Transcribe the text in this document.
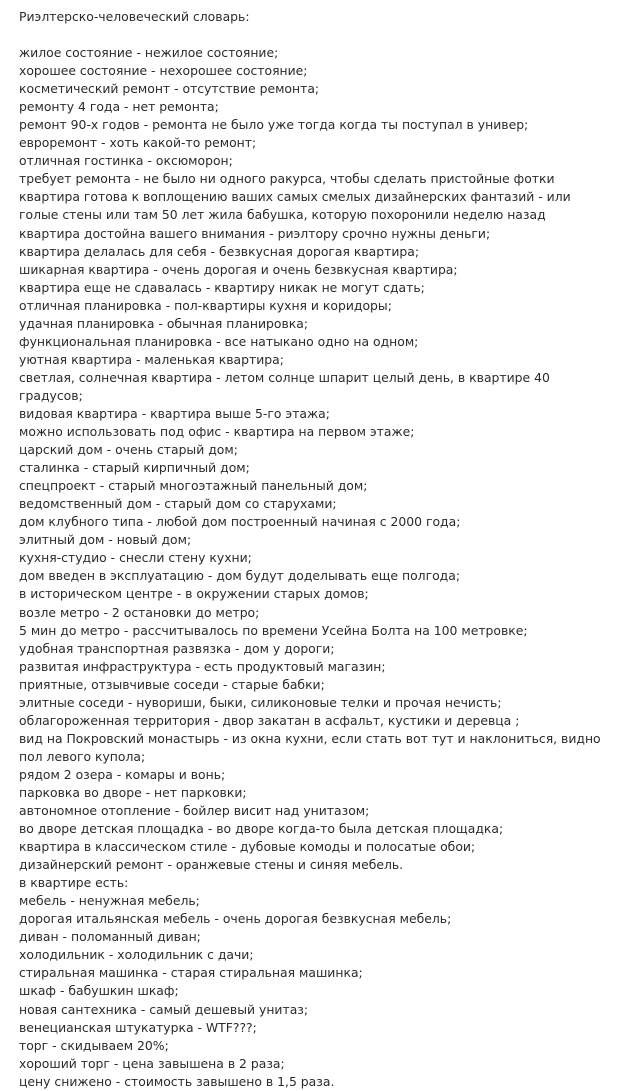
Риэлтерско-человеческий словарь:
жилое состояние - нежилое состояние;
хорошее состояние - нехорошее состояние;
косметический ремонт - отсутствие ремонта;
ремонту 4 года - нет ремонта;
ремонт 90-х годов - ремонта не было уже тогда когда ты поступал в универ;
евроремонт - хоть какой-то ремонт;
отличная гостинка - оксюморон;
требует ремонта - не было ни одного ракурса, чтобы сделать пристойные фотки
квартира готова к воплощению ваших самых смелых дизайнерских фантазий - или голые стены или там 50 лет жила бабушка, которую похоронили неделю назад
квартира достойна вашего внимания - риэлтору срочно нужны деньги;
квартира делалась для себя - безвкусная дорогая квартира;
шикарная квартира - очень дорогая и очень безвкусная квартира;
квартира еще не сдавалась - квартиру никак не могут сдать;
отличная планировка - пол-квартиры кухня и коридоры;
удачная планировка - обычная планировка;
функциональная планировка - все натыкано одно на одном;
уютная квартира - маленькая квартира;
светлая, солнечная квартира - летом солнце шпарит целый день, в квартире 40 градусов;
видовая квартира - квартира выше 5-го этажа;
можно использовать под офис - квартира на первом этаже;
царский дом - очень старый дом;
сталинка - старый кирпичный дом;
спецпроект - старый многоэтажный панельный дом;
ведомственный дом - старый дом со старухами;
дом клубного типа - любой дом построенный начиная с 2000 года;
элитный дом - новый дом;
кухня-студио - снесли стену кухни;
дом введен в эксплуатацию - дом будут доделывать еще полгода;
в историческом центре - в окружении старых домов;
возле метро - 2 остановки до метро;
5 мин до метро - рассчитывалось по времени Усейна Болта на 100 метровке;
удобная транспортная развязка - дом у дороги;
развитая инфраструктура - есть продуктовый магазин;
приятные, отзывчивые соседи - старые бабки;
элитные соседи - нувориши, быки, силиконовые телки и прочая нечисть;
облагороженная территория - двор закатан в асфальт, кустики и деревца ;
вид на Покровский монастырь - из окна кухни, если стать вот тут и наклониться, видно пол левого купола;
рядом 2 озера - комары и вонь;
парковка во дворе - нет парковки;
автономное отопление - бойлер висит над унитазом;
во дворе детская площадка - во дворе когда-то была детская площадка;
квартира в классическом стиле - дубовые комоды и полосатые обои;
дизайнерский ремонт - оранжевые стены и синяя мебель.
в квартире есть:
мебель - ненужная мебель;
дорогая итальянская мебель - очень дорогая безвкусная мебель;
диван - поломанный диван;
холодильник - холодильник с дачи;
стиральная машинка - старая стиральная машинка;
шкаф - бабушкин шкаф;
новая сантехника - самый дешевый унитаз;
венецианская штукатурка - WTF???;
торг - скидываем 20%;
хороший торг - цена завышена в 2 раза;
цену снижено - стоимость завышено в 1,5 раза.
